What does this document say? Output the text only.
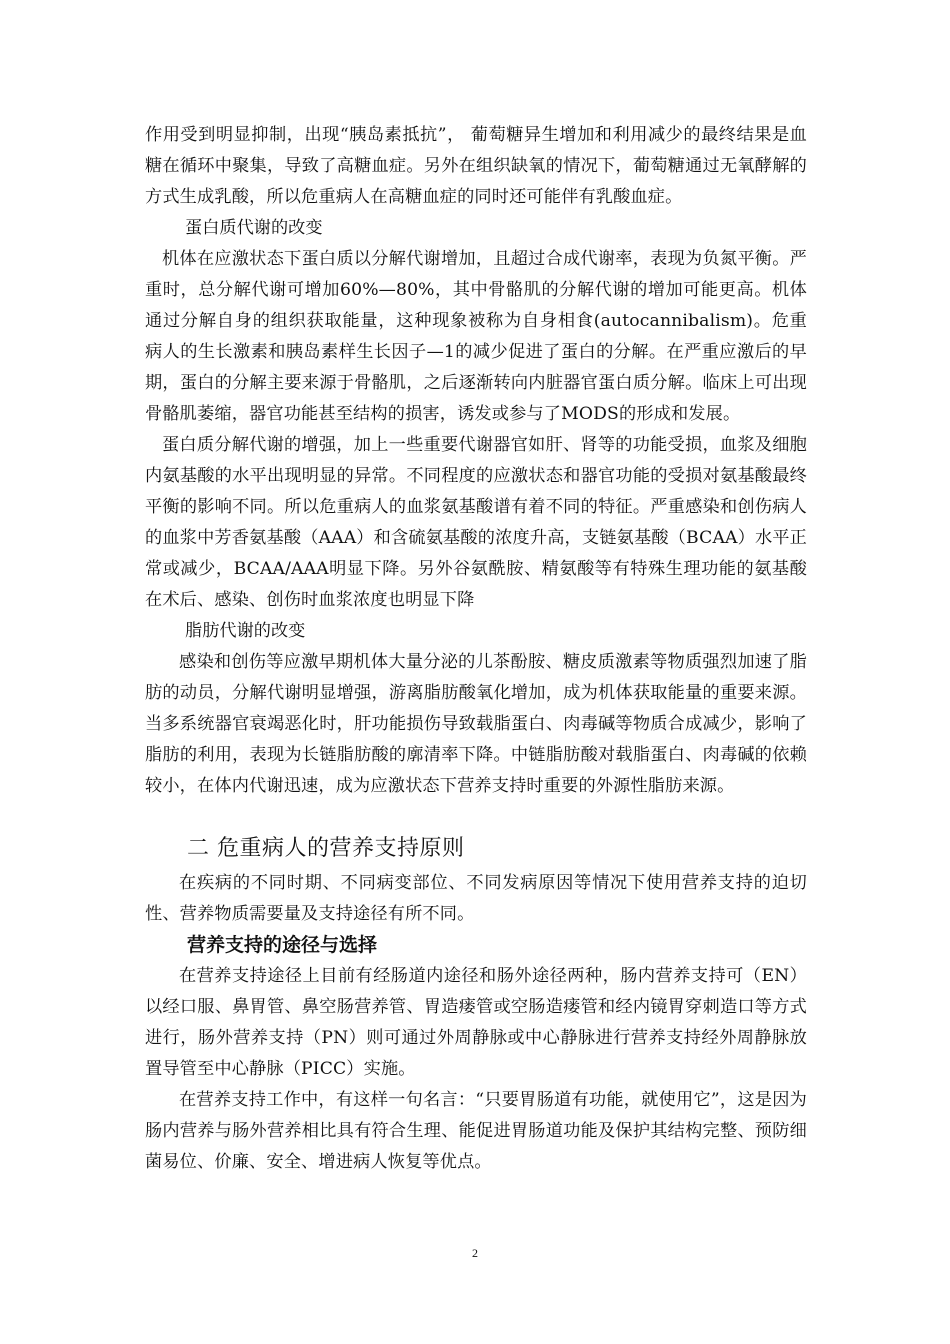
作用受到明显抑制，出现“胰岛素抵抗”， 葡萄糖异生增加和利用减少的最终结果是血糖在循环中聚集，导致了高糖血症。另外在组织缺氧的情况下，葡萄糖通过无氧酵解的方式生成乳酸，所以危重病人在高糖血症的同时还可能伴有乳酸血症。

蛋白质代谢的改变

机体在应激状态下蛋白质以分解代谢增加，且超过合成代谢率，表现为负氮平衡。严重时，总分解代谢可增加60%—80%，其中骨骼肌的分解代谢的增加可能更高。机体通过分解自身的组织获取能量，这种现象被称为自身相食(autocannibalism)。危重病人的生长激素和胰岛素样生长因子—1的减少促进了蛋白的分解。在严重应激后的早期，蛋白的分解主要来源于骨骼肌，之后逐渐转向内脏器官蛋白质分解。临床上可出现骨骼肌萎缩，器官功能甚至结构的损害，诱发或参与了MODS的形成和发展。

蛋白质分解代谢的增强，加上一些重要代谢器官如肝、肾等的功能受损，血浆及细胞内氨基酸的水平出现明显的异常。不同程度的应激状态和器官功能的受损对氨基酸最终平衡的影响不同。所以危重病人的血浆氨基酸谱有着不同的特征。严重感染和创伤病人的血浆中芳香氨基酸（AAA）和含硫氨基酸的浓度升高，支链氨基酸（BCAA）水平正常或减少，BCAA/AAA明显下降。另外谷氨酰胺、精氨酸等有特殊生理功能的氨基酸在术后、感染、创伤时血浆浓度也明显下降

脂肪代谢的改变

感染和创伤等应激早期机体大量分泌的儿茶酚胺、糖皮质激素等物质强烈加速了脂肪的动员，分解代谢明显增强，游离脂肪酸氧化增加，成为机体获取能量的重要来源。当多系统器官衰竭恶化时，肝功能损伤导致载脂蛋白、肉毒碱等物质合成减少，影响了脂肪的利用，表现为长链脂肪酸的廓清率下降。中链脂肪酸对载脂蛋白、肉毒碱的依赖较小，在体内代谢迅速，成为应激状态下营养支持时重要的外源性脂肪来源。

二 危重病人的营养支持原则

在疾病的不同时期、不同病变部位、不同发病原因等情况下使用营养支持的迫切性、营养物质需要量及支持途径有所不同。

营养支持的途径与选择

在营养支持途径上目前有经肠道内途径和肠外途径两种，肠内营养支持可（EN）以经口服、鼻胃管、鼻空肠营养管、胃造瘘管或空肠造瘘管和经内镜胃穿刺造口等方式进行，肠外营养支持（PN）则可通过外周静脉或中心静脉进行营养支持经外周静脉放置导管至中心静脉（PICC）实施。

在营养支持工作中，有这样一句名言：“只要胃肠道有功能，就使用它”，这是因为肠内营养与肠外营养相比具有符合生理、能促进胃肠道功能及保护其结构完整、预防细菌易位、价廉、安全、增进病人恢复等优点。

2
